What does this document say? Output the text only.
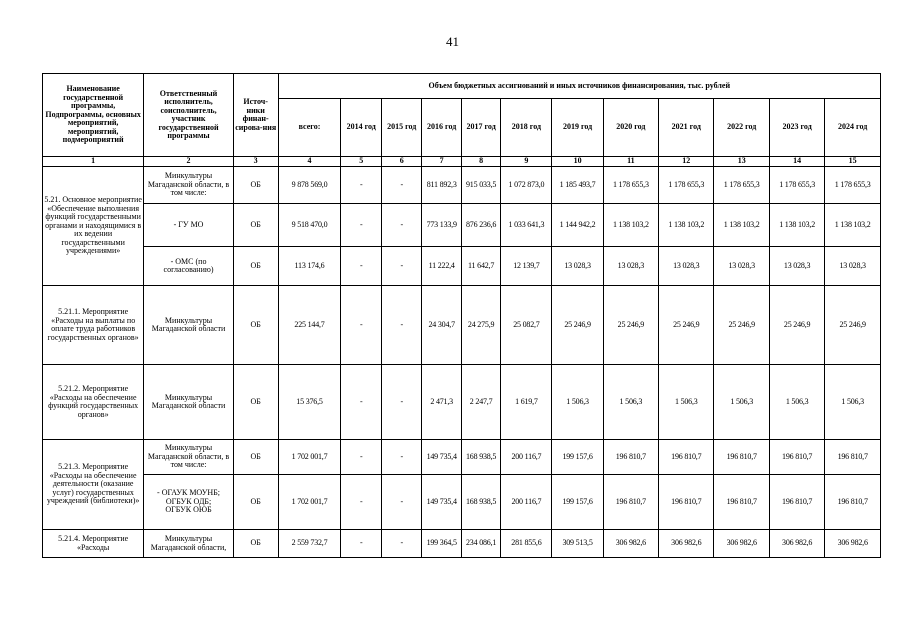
41
Наименование государственной программы, Подпрограммы, основных мероприятий, мероприятий, подмероприятий	Ответственный исполнитель, соисполнитель, участник государственной программы	Источ-ники финан-сирова-ния	Объем бюджетных ассигнований и иных источников финансирования, тыс. рублей											
			всего:	2014 год	2015 год	2016 год	2017 год	2018 год	2019 год	2020 год	2021 год	2022 год	2023 год	2024 год
1	2	3	4	5	6	7	8	9	10	11	12	13	14	15
5.21. Основное мероприятие «Обеспечение выполнения функций государственными органами и находящимися в их ведении государственными учреждениями»	Минкультуры Магаданской области, в том числе:	ОБ	9 878 569,0	-	-	811 892,3	915 033,5	1 072 873,0	1 185 493,7	1 178 655,3	1 178 655,3	1 178 655,3	1 178 655,3	1 178 655,3
	- ГУ МО	ОБ	9 518 470,0	-	-	773 133,9	876 236,6	1 033 641,3	1 144 942,2	1 138 103,2	1 138 103,2	1 138 103,2	1 138 103,2	1 138 103,2
	- ОМС (по согласованию)	ОБ	113 174,6	-	-	11 222,4	11 642,7	12 139,7	13 028,3	13 028,3	13 028,3	13 028,3	13 028,3	13 028,3
5.21.1. Мероприятие «Расходы на выплаты по оплате труда работников государственных органов»	Минкультуры Магаданской области	ОБ	225 144,7	-	-	24 304,7	24 275,9	25 082,7	25 246,9	25 246,9	25 246,9	25 246,9	25 246,9	25 246,9
5.21.2. Мероприятие «Расходы на обеспечение функций государственных органов»	Минкультуры Магаданской области	ОБ	15 376,5	-	-	2 471,3	2 247,7	1 619,7	1 506,3	1 506,3	1 506,3	1 506,3	1 506,3	1 506,3
5.21.3. Мероприятие «Расходы на обеспечение деятельности (оказание услуг) государственных учреждений (библиотеки)»	Минкультуры Магаданской области, в том числе:	ОБ	1 702 001,7	-	-	149 735,4	168 938,5	200 116,7	199 157,6	196 810,7	196 810,7	196 810,7	196 810,7	196 810,7

	- ОГАУК МОУНБ;
ОГБУК ОДБ;
ОГБУК ОЮБ	ОБ	1 702 001,7	-	-	149 735,4	168 938,5	200 116,7	199 157,6	196 810,7	196 810,7	196 810,7	196 810,7	196 810,7
5.21.4. Мероприятие «Расходы	Минкультуры Магаданской области,	ОБ	2 559 732,7	-	-	199 364,5	234 086,1	281 855,6	309 513,5	306 982,6	306 982,6	306 982,6	306 982,6	306 982,6
